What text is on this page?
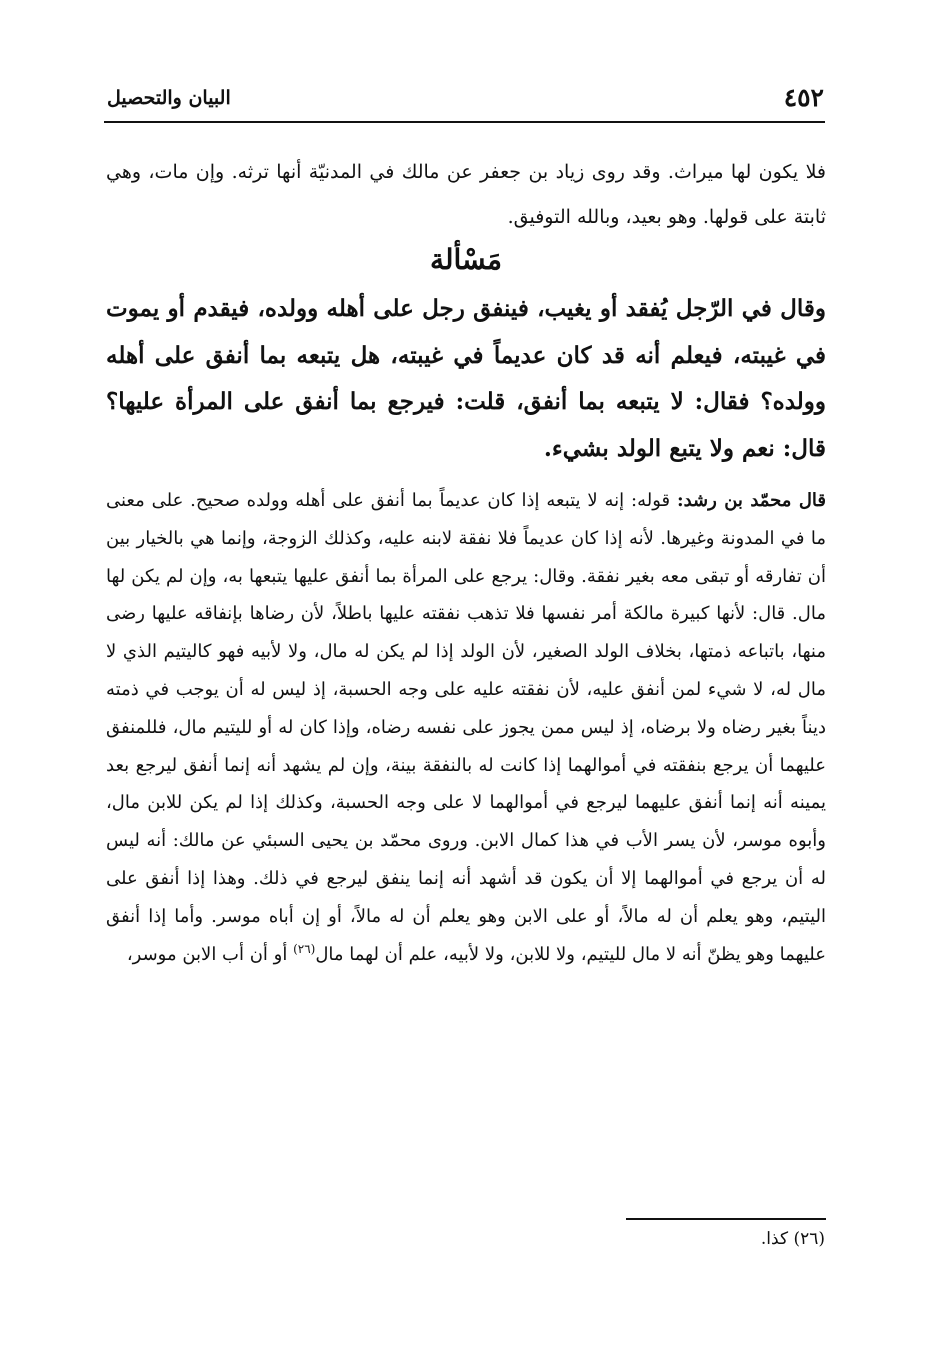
٤٥٢
البيان والتحصيل

فلا يكون لها ميراث. وقد روى زياد بن جعفر عن مالك في المدنيّة أنها ترثه. وإن مات، وهي ثابتة على قولها. وهو بعيد، وبالله التوفيق.

مَسْألة

وقال في الرّجل يُفقد أو يغيب، فينفق رجل على أهله وولده، فيقدم أو يموت في غيبته، فيعلم أنه قد كان عديماً في غيبته، هل يتبعه بما أنفق على أهله وولده؟ فقال: لا يتبعه بما أنفق، قلت: فيرجع بما أنفق على المرأة عليها؟ قال: نعم ولا يتبع الولد بشيء.

قال محمّد بن رشد: قوله: إنه لا يتبعه إذا كان عديماً بما أنفق على أهله وولده صحيح. على معنى ما في المدونة وغيرها. لأنه إذا كان عديماً فلا نفقة لابنه عليه، وكذلك الزوجة، وإنما هي بالخيار بين أن تفارقه أو تبقى معه بغير نفقة. وقال: يرجع على المرأة بما أنفق عليها يتبعها به، وإن لم يكن لها مال. قال: لأنها كبيرة مالكة أمر نفسها فلا تذهب نفقته عليها باطلاً، لأن رضاها بإنفاقه عليها رضى منها، باتباعه ذمتها، بخلاف الولد الصغير، لأن الولد إذا لم يكن له مال، ولا لأبيه فهو كاليتيم الذي لا مال له، لا شيء لمن أنفق عليه، لأن نفقته عليه على وجه الحسبة، إذ ليس له أن يوجب في ذمته ديناً بغير رضاه ولا برضاه، إذ ليس ممن يجوز على نفسه رضاه، وإذا كان له أو لليتيم مال، فللمنفق عليهما أن يرجع بنفقته في أموالهما إذا كانت له بالنفقة بينة، وإن لم يشهد أنه إنما أنفق ليرجع بعد يمينه أنه إنما أنفق عليهما ليرجع في أموالهما لا على وجه الحسبة، وكذلك إذا لم يكن للابن مال، وأبوه موسر، لأن يسر الأب في هذا كمال الابن. وروى محمّد بن يحيى السبئي عن مالك: أنه ليس له أن يرجع في أموالهما إلا أن يكون قد أشهد أنه إنما ينفق ليرجع في ذلك. وهذا إذا أنفق على اليتيم، وهو يعلم أن له مالاً، أو على الابن وهو يعلم أن له مالاً، أو إن أباه موسر. وأما إذا أنفق عليهما وهو يظنّ أنه لا مال لليتيم، ولا للابن، ولا لأبيه، علم أن لهما مال$^{(٢٦)}$ أو أن أب الابن موسر،

(٢٦) كذا.
